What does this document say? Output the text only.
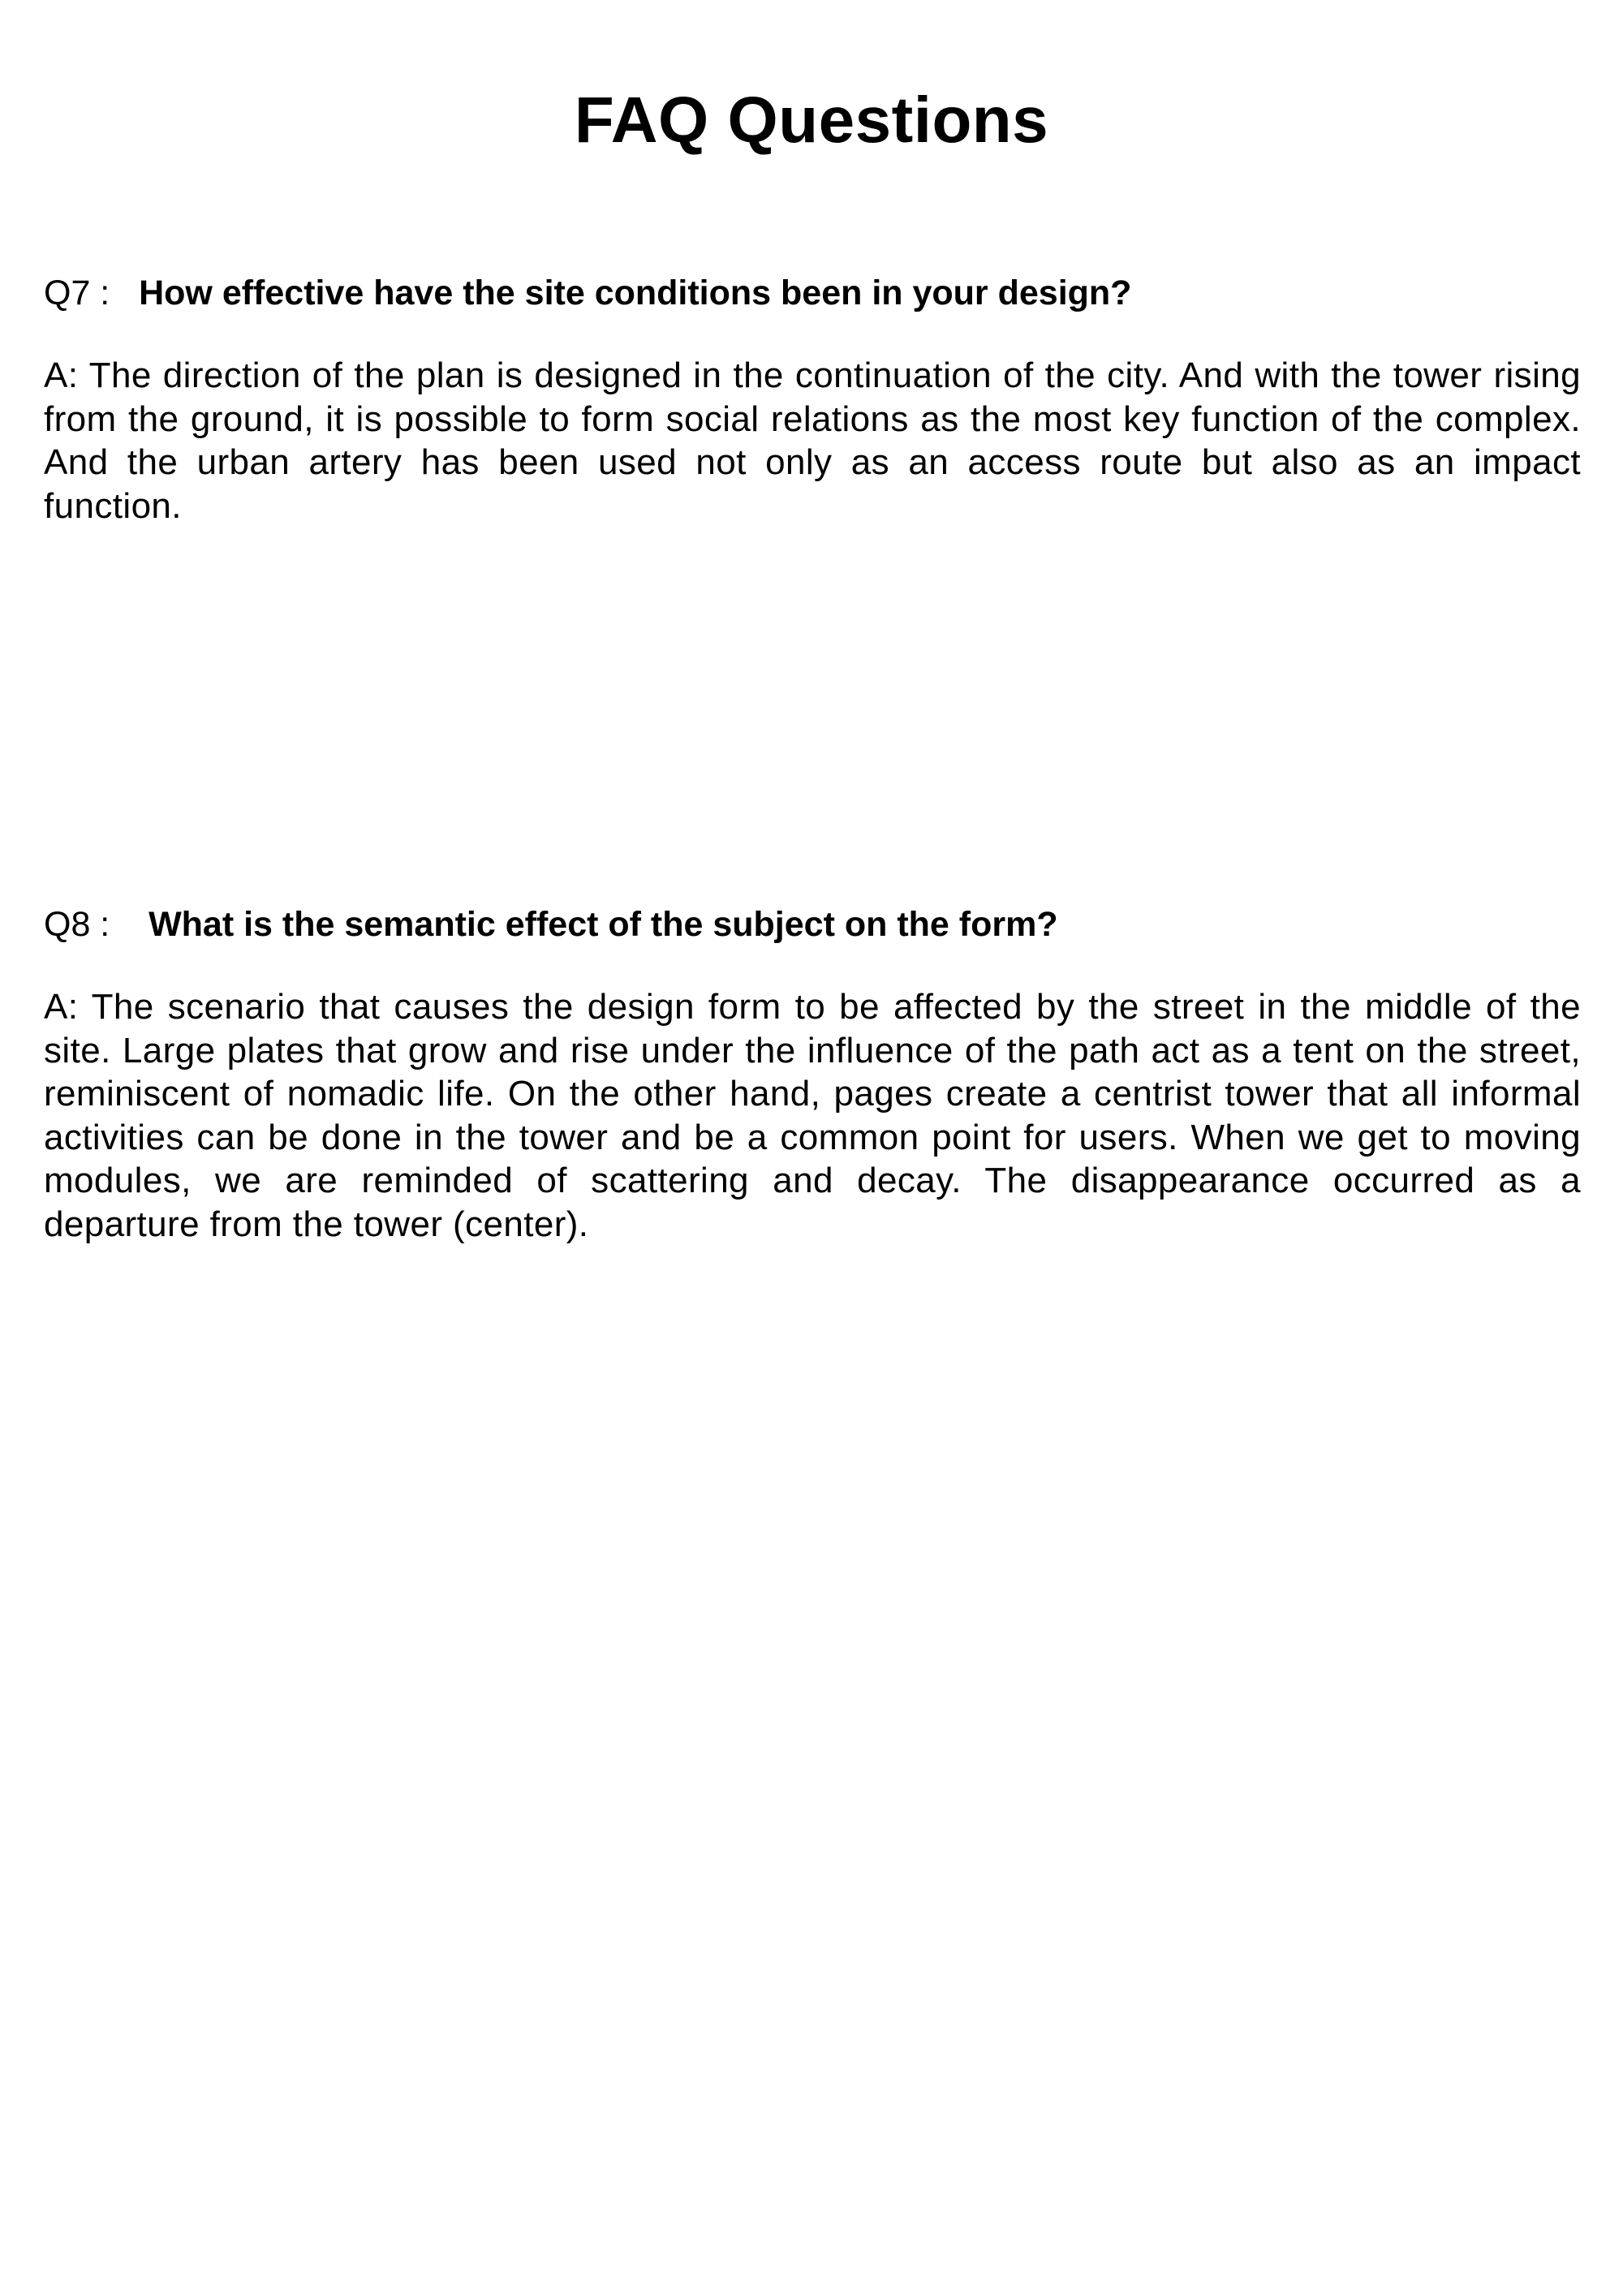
FAQ Questions

Q7 : How effective have the site conditions been in your design?

A: The direction of the plan is designed in the continuation of the city. And with the tower rising from the ground, it is possible to form social relations as the most key function of the complex. And the urban artery has been used not only as an access route but also as an impact function.

Q8 : What is the semantic effect of the subject on the form?

A: The scenario that causes the design form to be affected by the street in the middle of the site. Large plates that grow and rise under the influence of the path act as a tent on the street, reminiscent of nomadic life. On the other hand, pages create a centrist tower that all informal activities can be done in the tower and be a common point for users. When we get to moving modules, we are reminded of scattering and decay. The disappearance occurred as a departure from the tower (center).
